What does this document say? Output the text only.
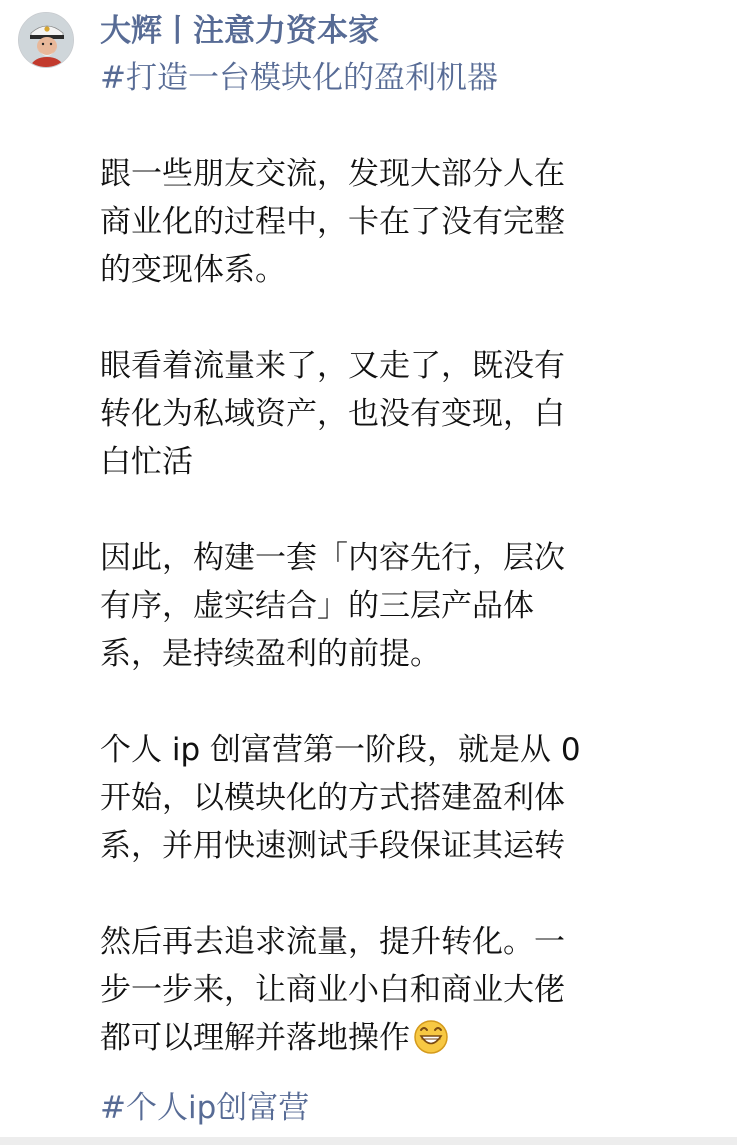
大辉丨注意力资本家
#打造一台模块化的盈利机器
跟一些朋友交流，发现大部分人在
商业化的过程中，卡在了没有完整
的变现体系。
眼看着流量来了，又走了，既没有
转化为私域资产，也没有变现，白
白忙活
因此，构建一套「内容先行，层次
有序，虚实结合」的三层产品体
系，是持续盈利的前提。
个人 ip 创富营第一阶段，就是从 0
开始，以模块化的方式搭建盈利体
系，并用快速测试手段保证其运转
然后再去追求流量，提升转化。一
步一步来，让商业小白和商业大佬
都可以理解并落地操作
#个人ip创富营
